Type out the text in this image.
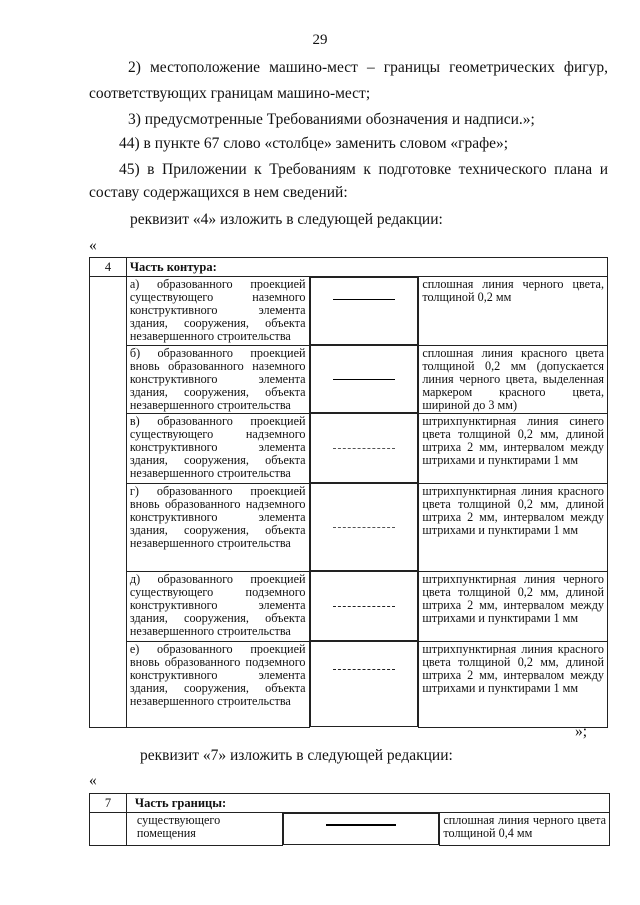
29
2) местоположение машино-мест – границы геометрических фигур,
соответствующих границам машино-мест;
3) предусмотренные Требованиями обозначения и надписи.»;
44) в пункте 67 слово «столбце» заменить словом «графе»;
45) в Приложении к Требованиям к подготовке технического плана и
составу содержащихся в нем сведений:
реквизит «4» изложить в следующей редакции:
«
4	Часть контура:	

	а) образованного проекцией существующего наземного конструктивного элемента здания, сооружения, объекта незавершенного строительства	сплошная линия черного цвета, толщиной 0,2 мм

	б) образованного проекцией вновь образованного наземного конструктивного элемента здания, сооружения, объекта незавершенного строительства	сплошная линия красного цвета толщиной 0,2 мм (допускается линия черного цвета, выделенная маркером красного цвета, шириной до 3 мм)

	в) образованного проекцией существующего надземного конструктивного элемента здания, сооружения, объекта незавершенного строительства	штрихпунктирная линия синего цвета толщиной 0,2 мм, длиной штриха 2 мм, интервалом между штрихами и пунктирами 1 мм

	г) образованного проекцией вновь образованного надземного конструктивного элемента здания, сооружения, объекта незавершенного строительства	штрихпунктирная линия красного цвета толщиной 0,2 мм, длиной штриха 2 мм, интервалом между штрихами и пунктирами 1 мм

	д) образованного проекцией существующего подземного конструктивного элемента здания, сооружения, объекта незавершенного строительства	штрихпунктирная линия черного цвета толщиной 0,2 мм, длиной штриха 2 мм, интервалом между штрихами и пунктирами 1 мм

	е) образованного проекцией вновь образованного подземного конструктивного элемента здания, сооружения, объекта незавершенного строительства	штрихпунктирная линия красного цвета толщиной 0,2 мм, длиной штриха 2 мм, интервалом между штрихами и пунктирами 1 мм
»;
реквизит «7» изложить в следующей редакции:
«
7	Часть границы:	

	существующего помещения	сплошная линия черного цвета толщиной 0,4 мм
